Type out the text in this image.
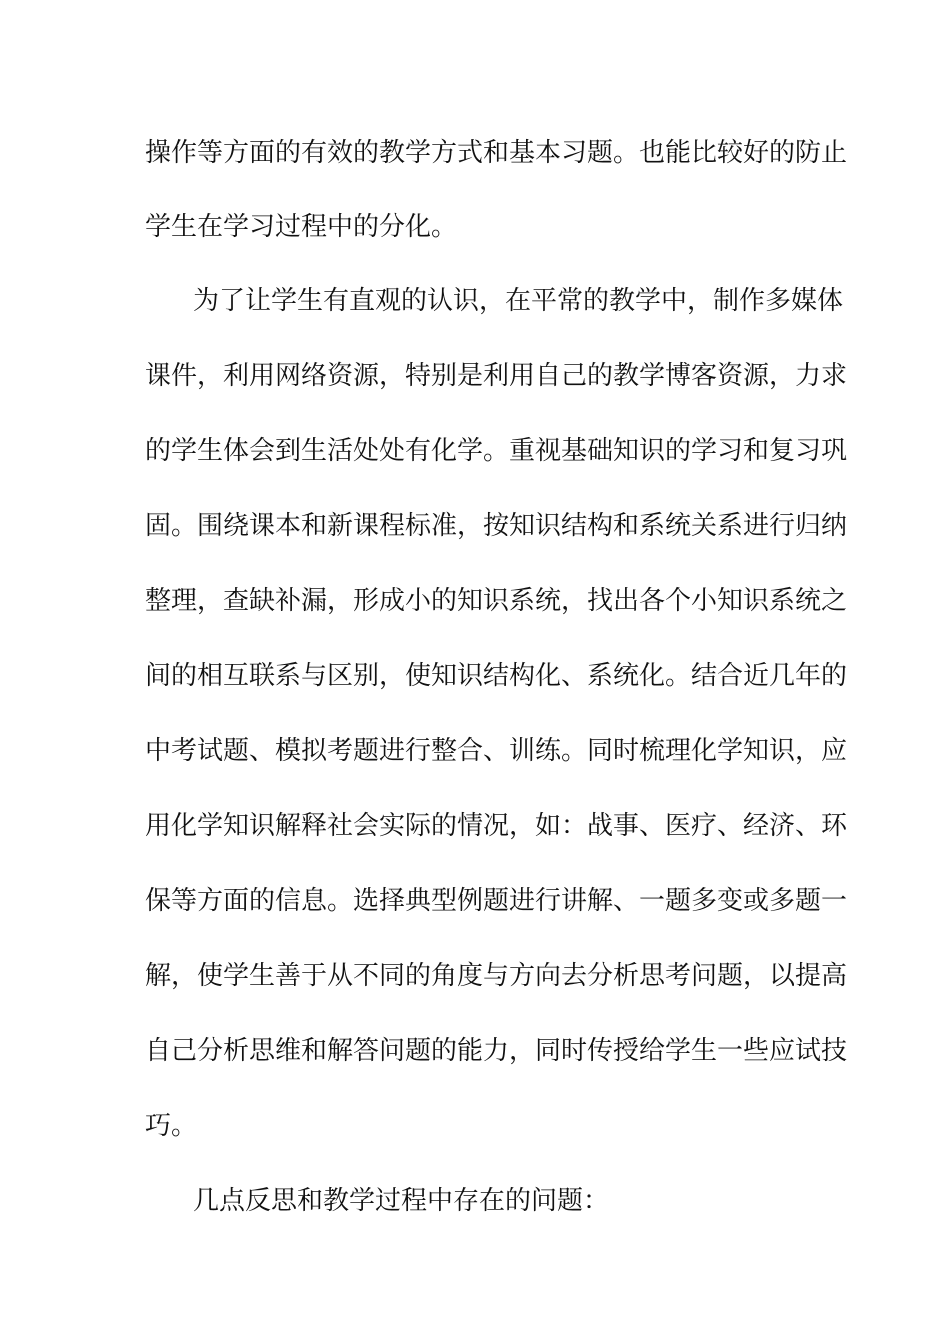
操作等方面的有效的教学方式和基本习题。也能比较好的防止
学生在学习过程中的分化。
为了让学生有直观的认识，在平常的教学中，制作多媒体
课件，利用网络资源，特别是利用自己的教学博客资源，力求
的学生体会到生活处处有化学。重视基础知识的学习和复习巩
固。围绕课本和新课程标准，按知识结构和系统关系进行归纳
整理，查缺补漏，形成小的知识系统，找出各个小知识系统之
间的相互联系与区别，使知识结构化、系统化。结合近几年的
中考试题、模拟考题进行整合、训练。同时梳理化学知识，应
用化学知识解释社会实际的情况，如：战事、医疗、经济、环
保等方面的信息。选择典型例题进行讲解、一题多变或多题一
解，使学生善于从不同的角度与方向去分析思考问题，以提高
自己分析思维和解答问题的能力，同时传授给学生一些应试技
巧。
几点反思和教学过程中存在的问题：
